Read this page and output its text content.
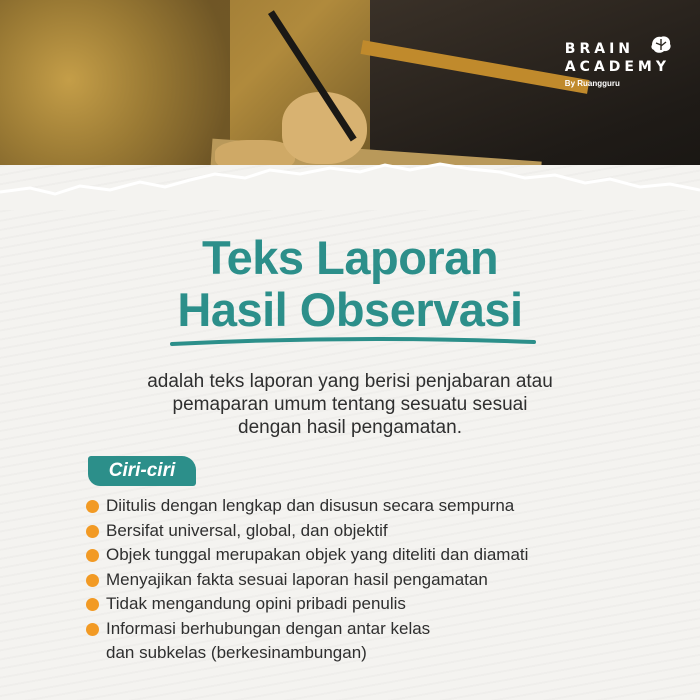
BRAIN
ACADEMY
By Ruangguru
Teks Laporan
Hasil Observasi
adalah teks laporan yang berisi penjabaran atau
pemaparan umum tentang sesuatu sesuai
dengan hasil pengamatan.
Ciri-ciri
Diitulis dengan lengkap dan disusun secara sempurna
Bersifat universal, global, dan objektif
Objek tunggal merupakan objek yang diteliti dan diamati
Menyajikan fakta sesuai laporan hasil pengamatan
Tidak mengandung opini pribadi penulis
Informasi berhubungan dengan antar kelas
dan subkelas (berkesinambungan)
